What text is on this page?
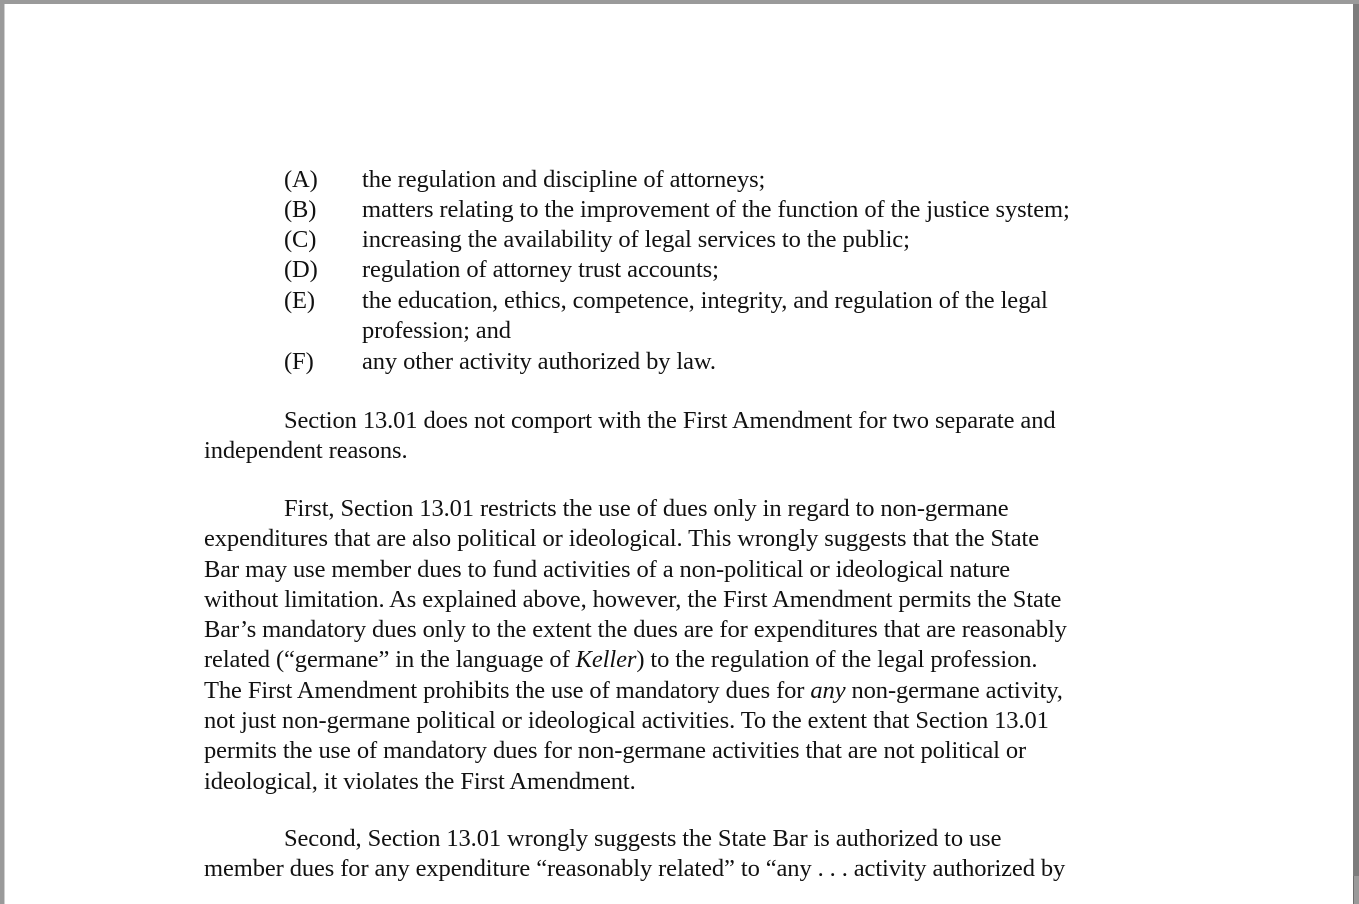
(A) the regulation and discipline of attorneys;
(B) matters relating to the improvement of the function of the justice system;
(C) increasing the availability of legal services to the public;
(D) regulation of attorney trust accounts;
(E) the education, ethics, competence, integrity, and regulation of the legal
profession; and
(F) any other activity authorized by law.
Section 13.01 does not comport with the First Amendment for two separate and
independent reasons.
First, Section 13.01 restricts the use of dues only in regard to non-germane
expenditures that are also political or ideological. This wrongly suggests that the State
Bar may use member dues to fund activities of a non-political or ideological nature
without limitation. As explained above, however, the First Amendment permits the State
Bar’s mandatory dues only to the extent the dues are for expenditures that are reasonably
related (“germane” in the language of Keller) to the regulation of the legal profession.
The First Amendment prohibits the use of mandatory dues for any non-germane activity,
not just non-germane political or ideological activities. To the extent that Section 13.01
permits the use of mandatory dues for non-germane activities that are not political or
ideological, it violates the First Amendment.
Second, Section 13.01 wrongly suggests the State Bar is authorized to use
member dues for any expenditure “reasonably related” to “any . . . activity authorized by
